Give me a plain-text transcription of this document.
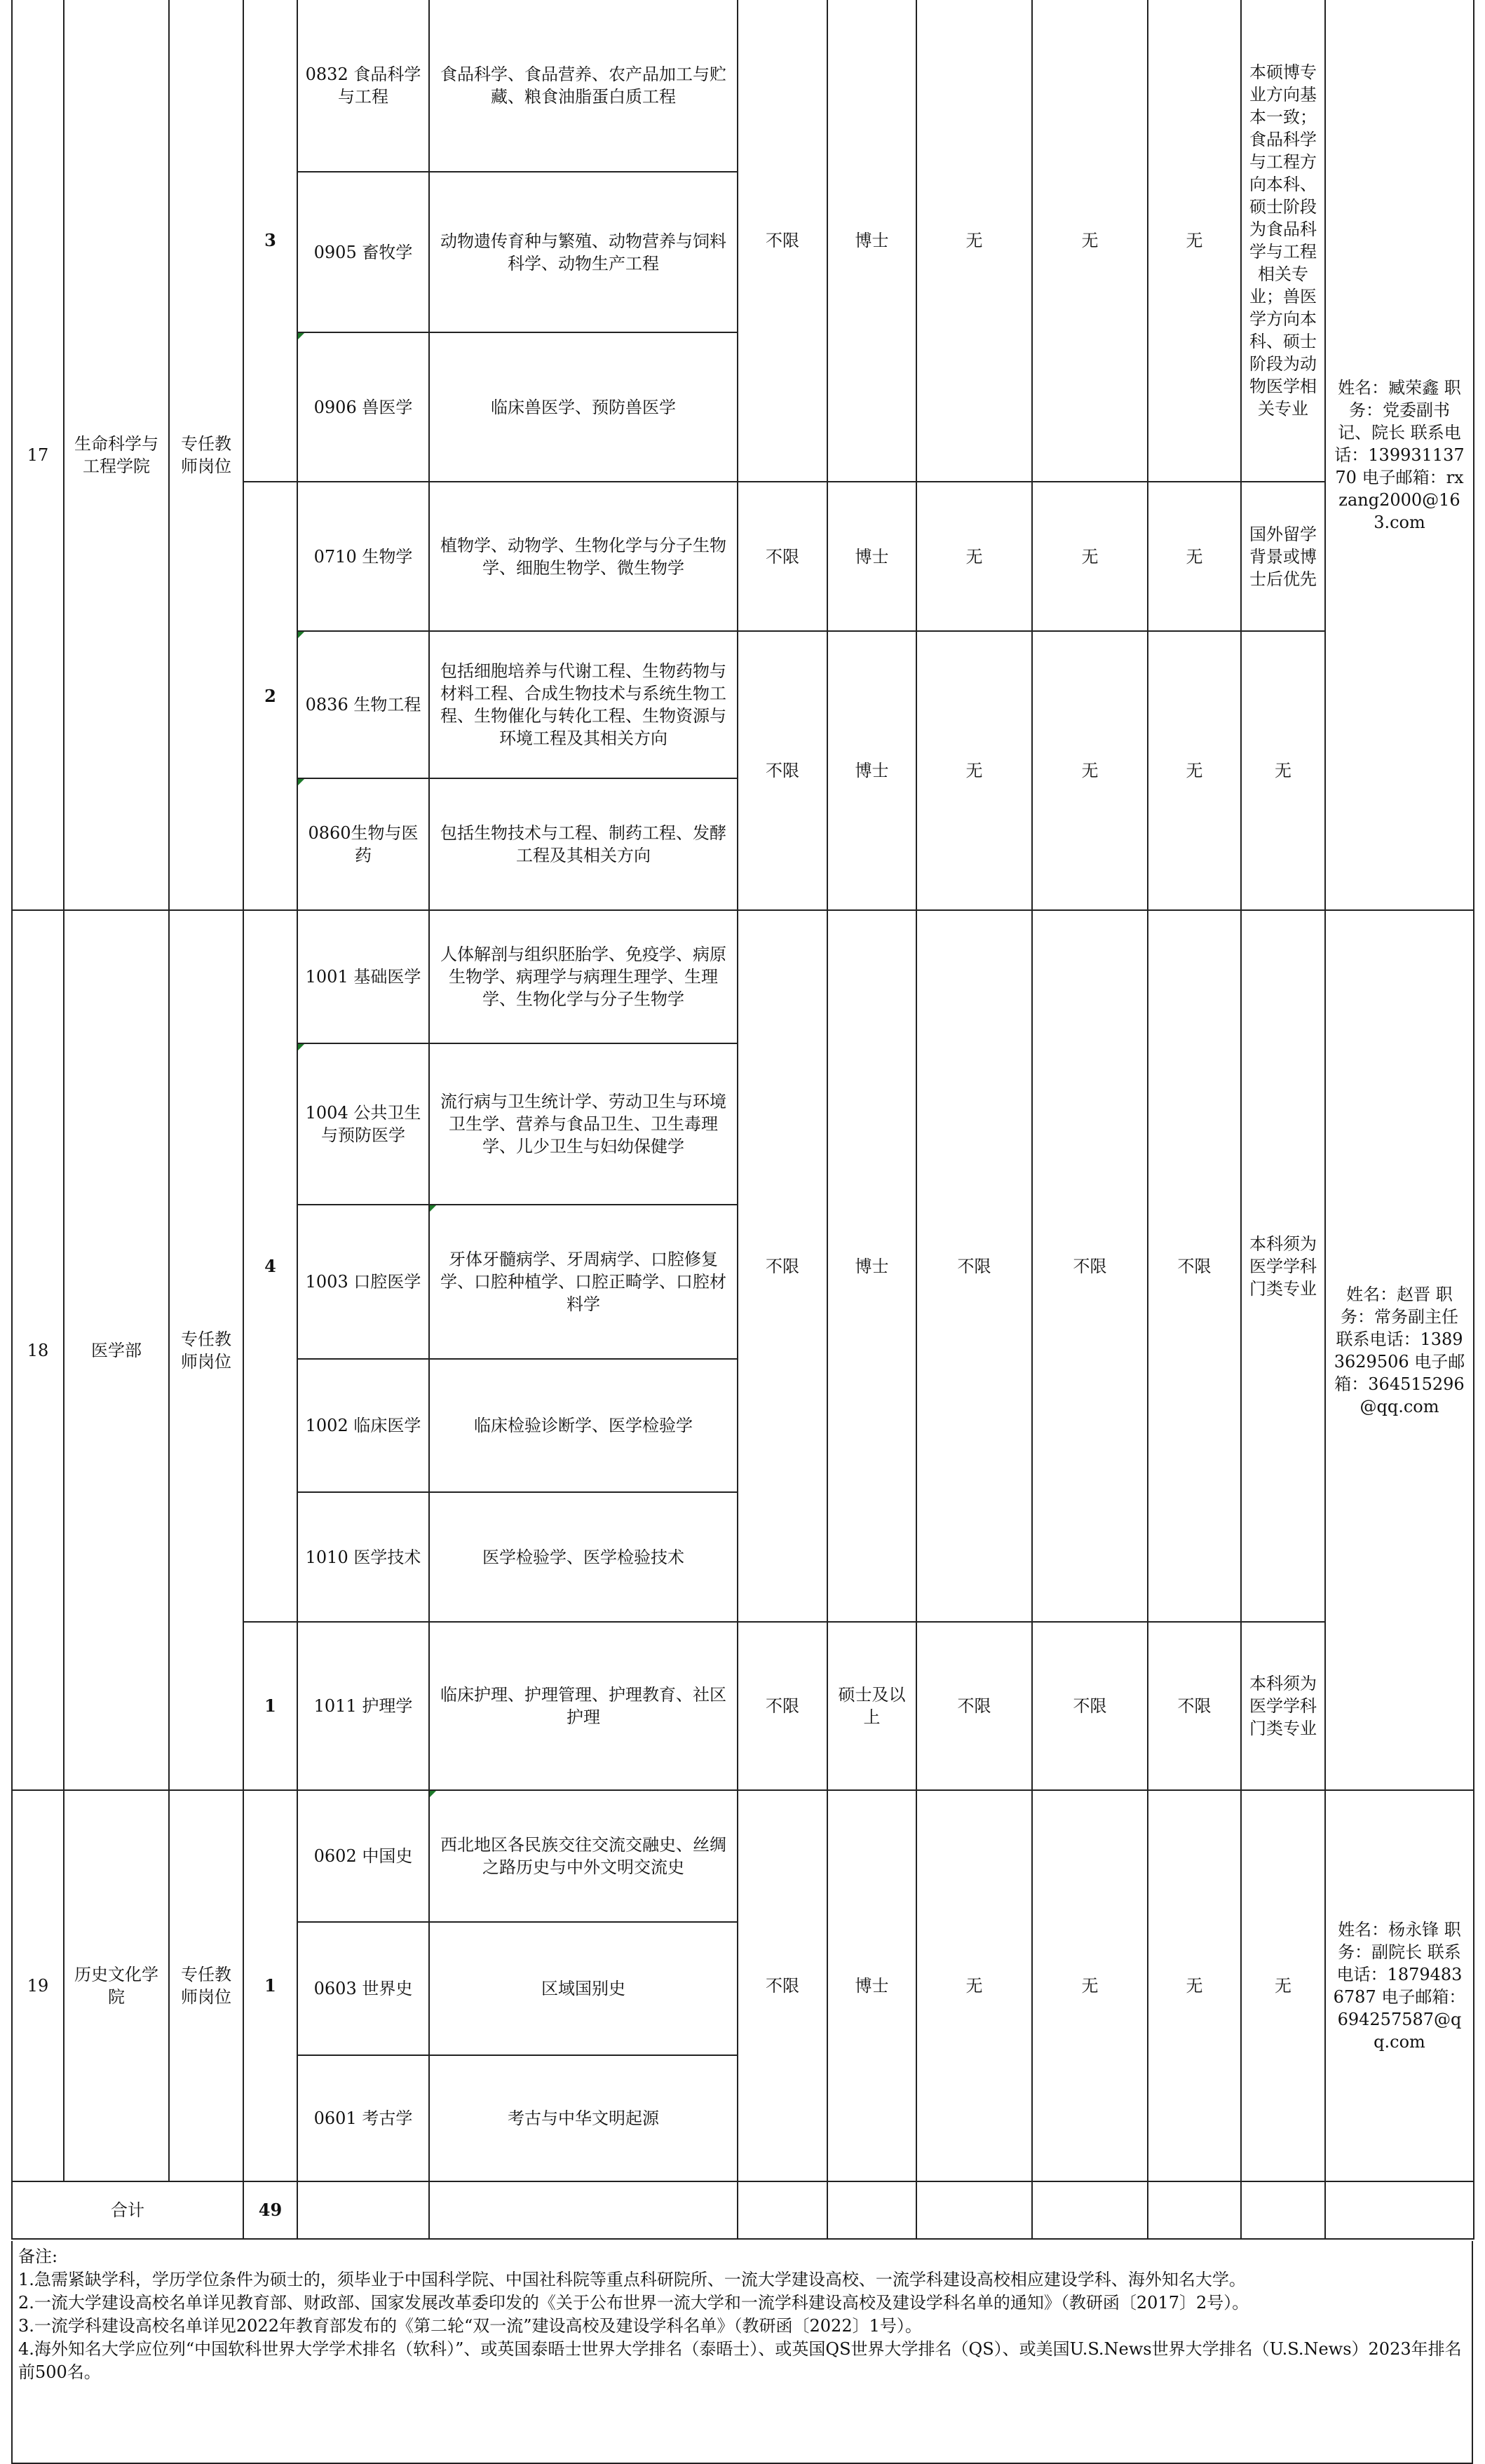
17	生命科学与工程学院	专任教师岗位	3	0832 食品科学与工程	食品科学、食品营养、农产品加工与贮藏、粮食油脂蛋白质工程	不限	博士	无	无	无	本硕博专业方向基本一致；食品科学与工程方向本科、硕士阶段为食品科学与工程相关专业；兽医学方向本科、硕士阶段为动物医学相关专业	姓名：臧荣鑫 职务：党委副书记、院长 联系电话：13993113770 电子邮箱：rxzang2000@163.com
				0905 畜牧学	动物遗传育种与繁殖、动物营养与饲料科学、动物生产工程							
				0906 兽医学	临床兽医学、预防兽医学							
			2	0710 生物学	植物学、动物学、生物化学与分子生物学、细胞生物学、微生物学	不限	博士	无	无	无	国外留学背景或博士后优先	
				0836 生物工程	包括细胞培养与代谢工程、生物药物与材料工程、合成生物技术与系统生物工程、生物催化与转化工程、生物资源与环境工程及其相关方向	不限	博士	无	无	无	无	
				0860生物与医药	包括生物技术与工程、制药工程、发酵工程及其相关方向							
18	医学部	专任教师岗位	4	1001 基础医学	人体解剖与组织胚胎学、免疫学、病原生物学、病理学与病理生理学、生理学、生物化学与分子生物学	不限	博士	不限	不限	不限	本科须为医学学科门类专业	姓名：赵晋 职务：常务副主任 联系电话：13893629506 电子邮箱：364515296@qq.com
				1004 公共卫生与预防医学	流行病与卫生统计学、劳动卫生与环境卫生学、营养与食品卫生、卫生毒理学、儿少卫生与妇幼保健学							
				1003 口腔医学	牙体牙髓病学、牙周病学、口腔修复学、口腔种植学、口腔正畸学、口腔材料学							
				1002 临床医学	临床检验诊断学、医学检验学							
				1010 医学技术	医学检验学、医学检验技术							
			1	1011 护理学	临床护理、护理管理、护理教育、社区护理	不限	硕士及以上	不限	不限	不限	本科须为医学学科门类专业	
19	历史文化学院	专任教师岗位	1	0602 中国史	西北地区各民族交往交流交融史、丝绸之路历史与中外文明交流史	不限	博士	无	无	无	无	姓名：杨永锋 职务：副院长 联系电话：18794836787 电子邮箱：694257587@qq.com
				0603 世界史	区域国别史							
				0601 考古学	考古与中华文明起源							
合计			49									

备注:

1.急需紧缺学科，学历学位条件为硕士的，须毕业于中国科学院、中国社科院等重点科研院所、一流大学建设高校、一流学科建设高校相应建设学科、海外知名大学。

2.一流大学建设高校名单详见教育部、财政部、国家发展改革委印发的《关于公布世界一流大学和一流学科建设高校及建设学科名单的通知》（教研函〔2017〕2号）。

3.一流学科建设高校名单详见2022年教育部发布的《第二轮“双一流”建设高校及建设学科名单》（教研函〔2022〕1号）。

4.海外知名大学应位列“中国软科世界大学学术排名（软科）”、或英国泰晤士世界大学排名（泰晤士）、或英国QS世界大学排名（QS）、或美国U.S.News世界大学排名（U.S.News）2023年排名前500名。
